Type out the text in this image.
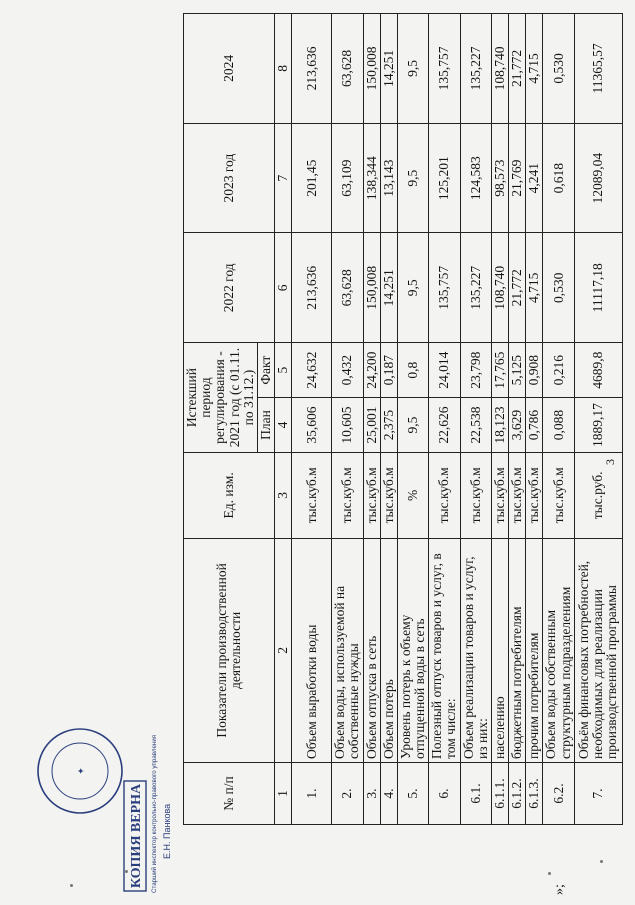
3
✦
КОПИЯ ВЕРНА Старший инспектор контрольно-правового управления Е.Н. Панкова
№ п/п	Показатели производственной деятельности	Ед. изм.	Истекший период регулирования - 2021 год (с 01.11. по 31.12.)		2022 год	2023 год	2024
			План	Факт			
1	2	3	4	5	6	7	8
1.	Объем выработки воды	тыс.куб.м	35,606	24,632	213,636	201,45	213,636
2.	Объем воды, используемой на собственные нужды	тыс.куб.м	10,605	0,432	63,628	63,109	63,628
3.	Объем отпуска в сеть	тыс.куб.м	25,001	24,200	150,008	138,344	150,008
4.	Объем потерь	тыс.куб.м	2,375	0,187	14,251	13,143	14,251
5.	Уровень потерь к объему отпущенной воды в сеть	%	9,5	0,8	9,5	9,5	9,5
6.	Полезный отпуск товаров и услуг, в том числе:	тыс.куб.м	22,626	24,014	135,757	125,201	135,757
6.1.	Объем реализации товаров и услуг, из них:	тыс.куб.м	22,538	23,798	135,227	124,583	135,227
6.1.1.	населению	тыс.куб.м	18,123	17,765	108,740	98,573	108,740
6.1.2.	бюджетным потребителям	тыс.куб.м	3,629	5,125	21,772	21,769	21,772
6.1.3.	прочим потребителям	тыс.куб.м	0,786	0,908	4,715	4,241	4,715
6.2.	Объем воды собственным структурным подразделениям	тыс.куб.м	0,088	0,216	0,530	0,618	0,530
7.	Объём финансовых потребностей, необходимых для реализации производственной программы	тыс.руб.	1889,17	4689,8	11117,18	12089,04	11365,57
»;
